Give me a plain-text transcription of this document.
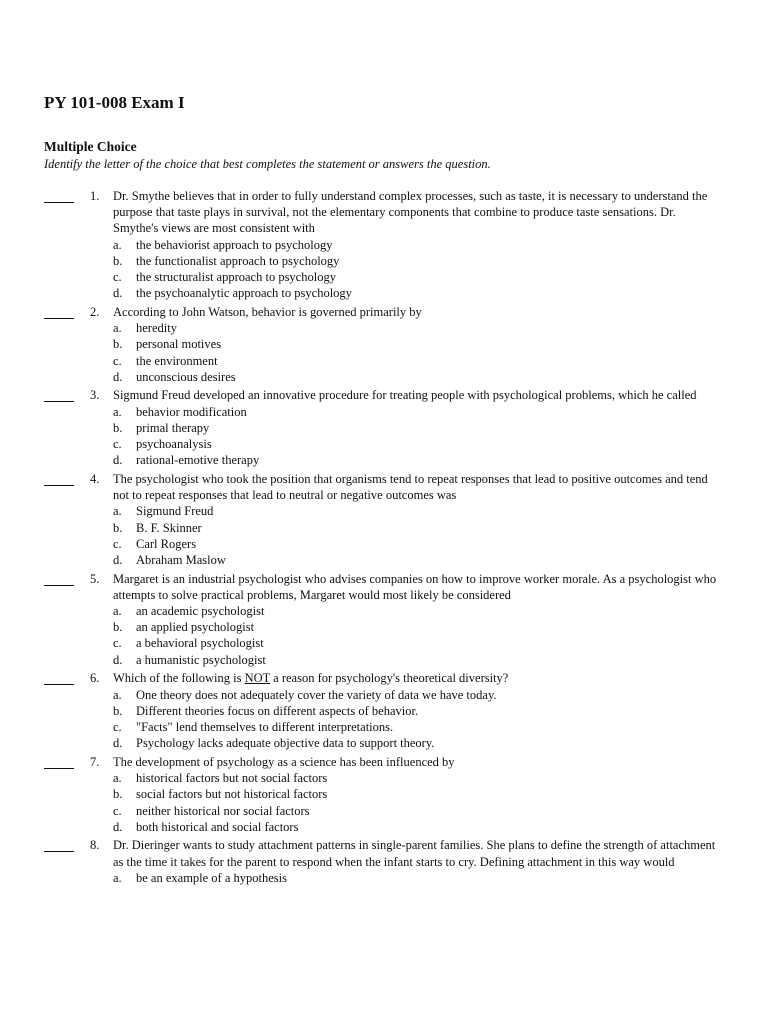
PY 101-008 Exam I
Multiple Choice

Identify the letter of the choice that best completes the statement or answers the question.

1.	Dr. Smythe believes that in order to fully understand complex processes, such as taste, it is necessary to understand the purpose that taste plays in survival, not the elementary components that combine to produce taste sensations. Dr. Smythe's views are most consistent with
a. the behaviorist approach to psychology
b. the functionalist approach to psychology
c. the structuralist approach to psychology
d. the psychoanalytic approach to psychology
2.	According to John Watson, behavior is governed primarily by
a. heredity
b. personal motives
c. the environment
d. unconscious desires
3.	Sigmund Freud developed an innovative procedure for treating people with psychological problems, which he called
a. behavior modification
b. primal therapy
c. psychoanalysis
d. rational-emotive therapy
4.	The psychologist who took the position that organisms tend to repeat responses that lead to positive outcomes and tend not to repeat responses that lead to neutral or negative outcomes was
a. Sigmund Freud
b. B. F. Skinner
c. Carl Rogers
d. Abraham Maslow
5.	Margaret is an industrial psychologist who advises companies on how to improve worker morale. As a psychologist who attempts to solve practical problems, Margaret would most likely be considered
a. an academic psychologist
b. an applied psychologist
c. a behavioral psychologist
d. a humanistic psychologist
6.	Which of the following is NOT a reason for psychology's theoretical diversity?
a. One theory does not adequately cover the variety of data we have today.
b. Different theories focus on different aspects of behavior.
c. "Facts" lend themselves to different interpretations.
d. Psychology lacks adequate objective data to support theory.
7.	The development of psychology as a science has been influenced by
a. historical factors but not social factors
b. social factors but not historical factors
c. neither historical nor social factors
d. both historical and social factors
8.	Dr. Dieringer wants to study attachment patterns in single-parent families. She plans to define the strength of attachment as the time it takes for the parent to respond when the infant starts to cry. Defining attachment in this way would
a. be an example of a hypothesis
